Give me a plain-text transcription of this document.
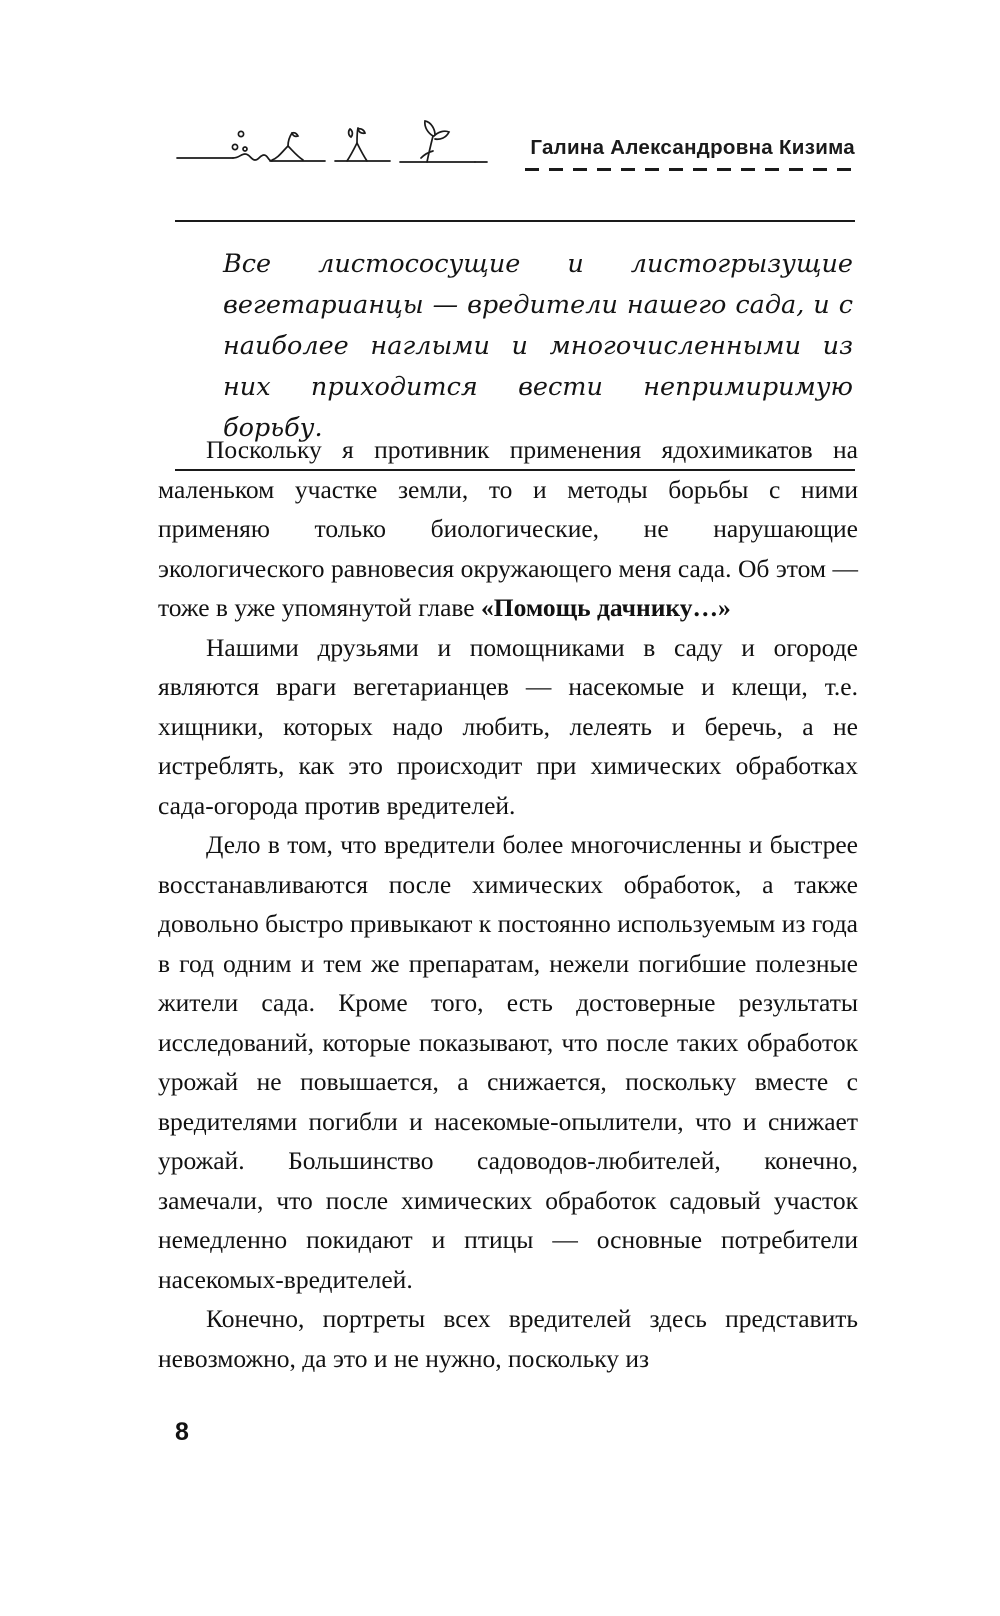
Галина Александровна Кизима
Все листососущие и листогрызущие вегетарианцы — вредители нашего сада, и с наиболее наглыми и многочисленными из них приходится вести непримиримую борьбу.

Поскольку я противник применения ядохимикатов на маленьком участке земли, то и методы борьбы с ними применяю только биологические, не нарушающие экологического равновесия окружающего меня сада. Об этом — тоже в уже упомянутой главе «Помощь дачнику…»

Нашими друзьями и помощниками в саду и огороде являются враги вегетарианцев — насекомые и клещи, т.е. хищники, которых надо любить, лелеять и беречь, а не истреблять, как это происходит при химических обработках сада-огорода против вредителей.

Дело в том, что вредители более многочисленны и быстрее восстанавливаются после химических обработок, а также довольно быстро привыкают к постоянно используемым из года в год одним и тем же препаратам, нежели погибшие полезные жители сада. Кроме того, есть достоверные результаты исследований, которые показывают, что после таких обработок урожай не повышается, а снижается, поскольку вместе с вредителями погибли и насекомые-опылители, что и снижает урожай. Большинство садоводов-любителей, конечно, замечали, что после химических обработок садовый участок немедленно покидают и птицы — основные потребители насекомых-вредителей.

Конечно, портреты всех вредителей здесь представить невозможно, да это и не нужно, поскольку из

8
